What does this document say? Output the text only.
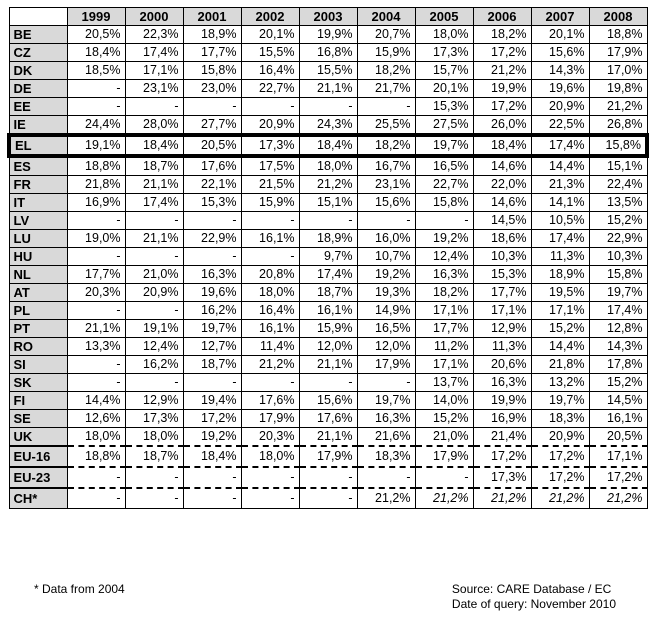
	1999	2000	2001	2002	2003	2004	2005	2006	2007	2008
BE	20,5%	22,3%	18,9%	20,1%	19,9%	20,7%	18,0%	18,2%	20,1%	18,8%
CZ	18,4%	17,4%	17,7%	15,5%	16,8%	15,9%	17,3%	17,2%	15,6%	17,9%
DK	18,5%	17,1%	15,8%	16,4%	15,5%	18,2%	15,7%	21,2%	14,3%	17,0%
DE	-	23,1%	23,0%	22,7%	21,1%	21,7%	20,1%	19,9%	19,6%	19,8%
EE	-	-	-	-	-	-	15,3%	17,2%	20,9%	21,2%
IE	24,4%	28,0%	27,7%	20,9%	24,3%	25,5%	27,5%	26,0%	22,5%	26,8%
EL	19,1%	18,4%	20,5%	17,3%	18,4%	18,2%	19,7%	18,4%	17,4%	15,8%
ES	18,8%	18,7%	17,6%	17,5%	18,0%	16,7%	16,5%	14,6%	14,4%	15,1%
FR	21,8%	21,1%	22,1%	21,5%	21,2%	23,1%	22,7%	22,0%	21,3%	22,4%
IT	16,9%	17,4%	15,3%	15,9%	15,1%	15,6%	15,8%	14,6%	14,1%	13,5%
LV	-	-	-	-	-	-	-	14,5%	10,5%	15,2%
LU	19,0%	21,1%	22,9%	16,1%	18,9%	16,0%	19,2%	18,6%	17,4%	22,9%
HU	-	-	-	-	9,7%	10,7%	12,4%	10,3%	11,3%	10,3%
NL	17,7%	21,0%	16,3%	20,8%	17,4%	19,2%	16,3%	15,3%	18,9%	15,8%
AT	20,3%	20,9%	19,6%	18,0%	18,7%	19,3%	18,2%	17,7%	19,5%	19,7%
PL	-	-	16,2%	16,4%	16,1%	14,9%	17,1%	17,1%	17,1%	17,4%
PT	21,1%	19,1%	19,7%	16,1%	15,9%	16,5%	17,7%	12,9%	15,2%	12,8%
RO	13,3%	12,4%	12,7%	11,4%	12,0%	12,0%	11,2%	11,3%	14,4%	14,3%
SI	-	16,2%	18,7%	21,2%	21,1%	17,9%	17,1%	20,6%	21,8%	17,8%
SK	-	-	-	-	-	-	13,7%	16,3%	13,2%	15,2%
FI	14,4%	12,9%	19,4%	17,6%	15,6%	19,7%	14,0%	19,9%	19,7%	14,5%
SE	12,6%	17,3%	17,2%	17,9%	17,6%	16,3%	15,2%	16,9%	18,3%	16,1%
UK	18,0%	18,0%	19,2%	20,3%	21,1%	21,6%	21,0%	21,4%	20,9%	20,5%
EU-16	18,8%	18,7%	18,4%	18,0%	17,9%	18,3%	17,9%	17,2%	17,2%	17,1%
EU-23	-	-	-	-	-	-	-	17,3%	17,2%	17,2%
CH*	-	-	-	-	-	21,2%	21,2%	21,2%	21,2%	21,2%
* Data from 2004	Source: CARE Database / EC
Date of query: November 2010
